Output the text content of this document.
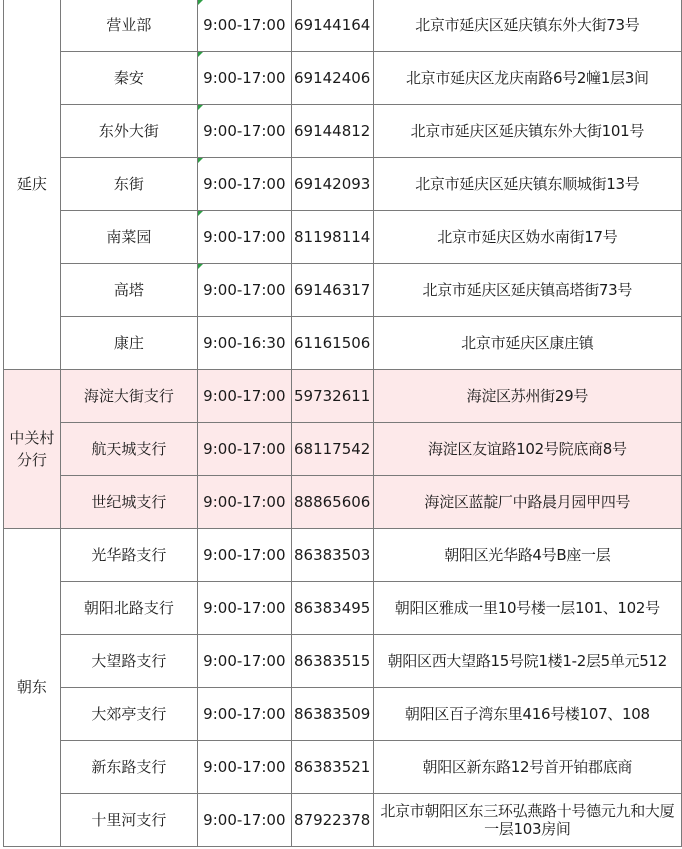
延庆	营业部	9:00-17:00	69144164	北京市延庆区延庆镇东外大街73号
	秦安	9:00-17:00	69142406	北京市延庆区龙庆南路6号2幢1层3间
	东外大街	9:00-17:00	69144812	北京市延庆区延庆镇东外大街101号
	东街	9:00-17:00	69142093	北京市延庆区延庆镇东顺城街13号
	南菜园	9:00-17:00	81198114	北京市延庆区妫水南街17号
	高塔	9:00-17:00	69146317	北京市延庆区延庆镇高塔街73号
	康庄	9:00-16:30	61161506	北京市延庆区康庄镇
中关村分行	海淀大街支行	9:00-17:00	59732611	海淀区苏州街29号
	航天城支行	9:00-17:00	68117542	海淀区友谊路102号院底商8号
	世纪城支行	9:00-17:00	88865606	海淀区蓝靛厂中路晨月园甲四号
朝东	光华路支行	9:00-17:00	86383503	朝阳区光华路4号B座一层
	朝阳北路支行	9:00-17:00	86383495	朝阳区雅成一里10号楼一层101、102号
	大望路支行	9:00-17:00	86383515	朝阳区西大望路15号院1楼1-2层5单元512
	大郊亭支行	9:00-17:00	86383509	朝阳区百子湾东里416号楼107、108
	新东路支行	9:00-17:00	86383521	朝阳区新东路12号首开铂郡底商
	十里河支行	9:00-17:00	87922378	北京市朝阳区东三环弘燕路十号德元九和大厦一层103房间
